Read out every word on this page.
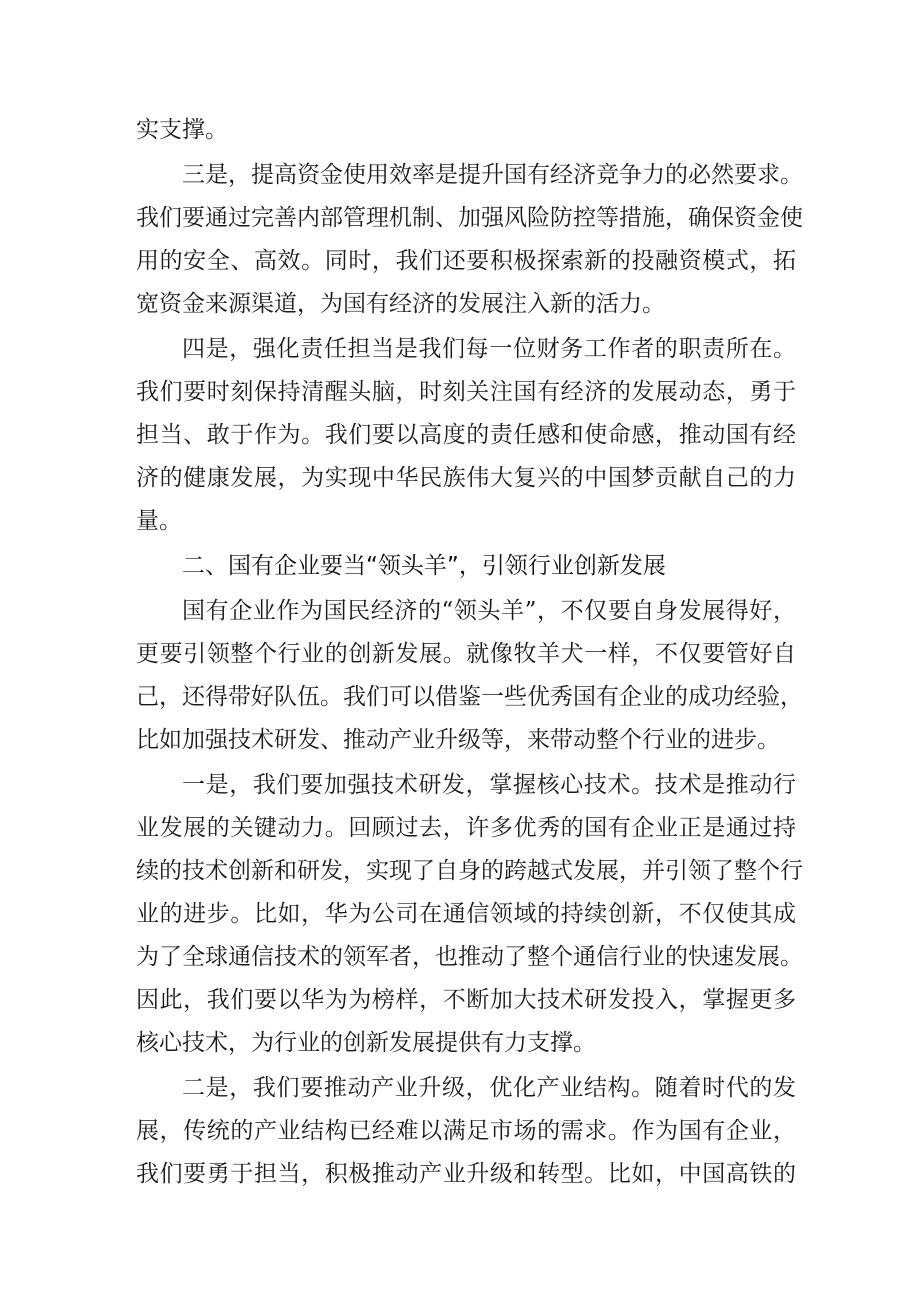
实支撑。
三是，提高资金使用效率是提升国有经济竞争力的必然要求。
我们要通过完善内部管理机制、加强风险防控等措施，确保资金使
用的安全、高效。同时，我们还要积极探索新的投融资模式，拓
宽资金来源渠道，为国有经济的发展注入新的活力。
四是，强化责任担当是我们每一位财务工作者的职责所在。
我们要时刻保持清醒头脑，时刻关注国有经济的发展动态，勇于
担当、敢于作为。我们要以高度的责任感和使命感，推动国有经
济的健康发展，为实现中华民族伟大复兴的中国梦贡献自己的力
量。
二、国有企业要当“领头羊”，引领行业创新发展
国有企业作为国民经济的“领头羊”，不仅要自身发展得好，
更要引领整个行业的创新发展。就像牧羊犬一样，不仅要管好自
己，还得带好队伍。我们可以借鉴一些优秀国有企业的成功经验，
比如加强技术研发、推动产业升级等，来带动整个行业的进步。
一是，我们要加强技术研发，掌握核心技术。技术是推动行
业发展的关键动力。回顾过去，许多优秀的国有企业正是通过持
续的技术创新和研发，实现了自身的跨越式发展，并引领了整个行
业的进步。比如，华为公司在通信领域的持续创新，不仅使其成
为了全球通信技术的领军者，也推动了整个通信行业的快速发展。
因此，我们要以华为为榜样，不断加大技术研发投入，掌握更多
核心技术，为行业的创新发展提供有力支撑。
二是，我们要推动产业升级，优化产业结构。随着时代的发
展，传统的产业结构已经难以满足市场的需求。作为国有企业，
我们要勇于担当，积极推动产业升级和转型。比如，中国高铁的
